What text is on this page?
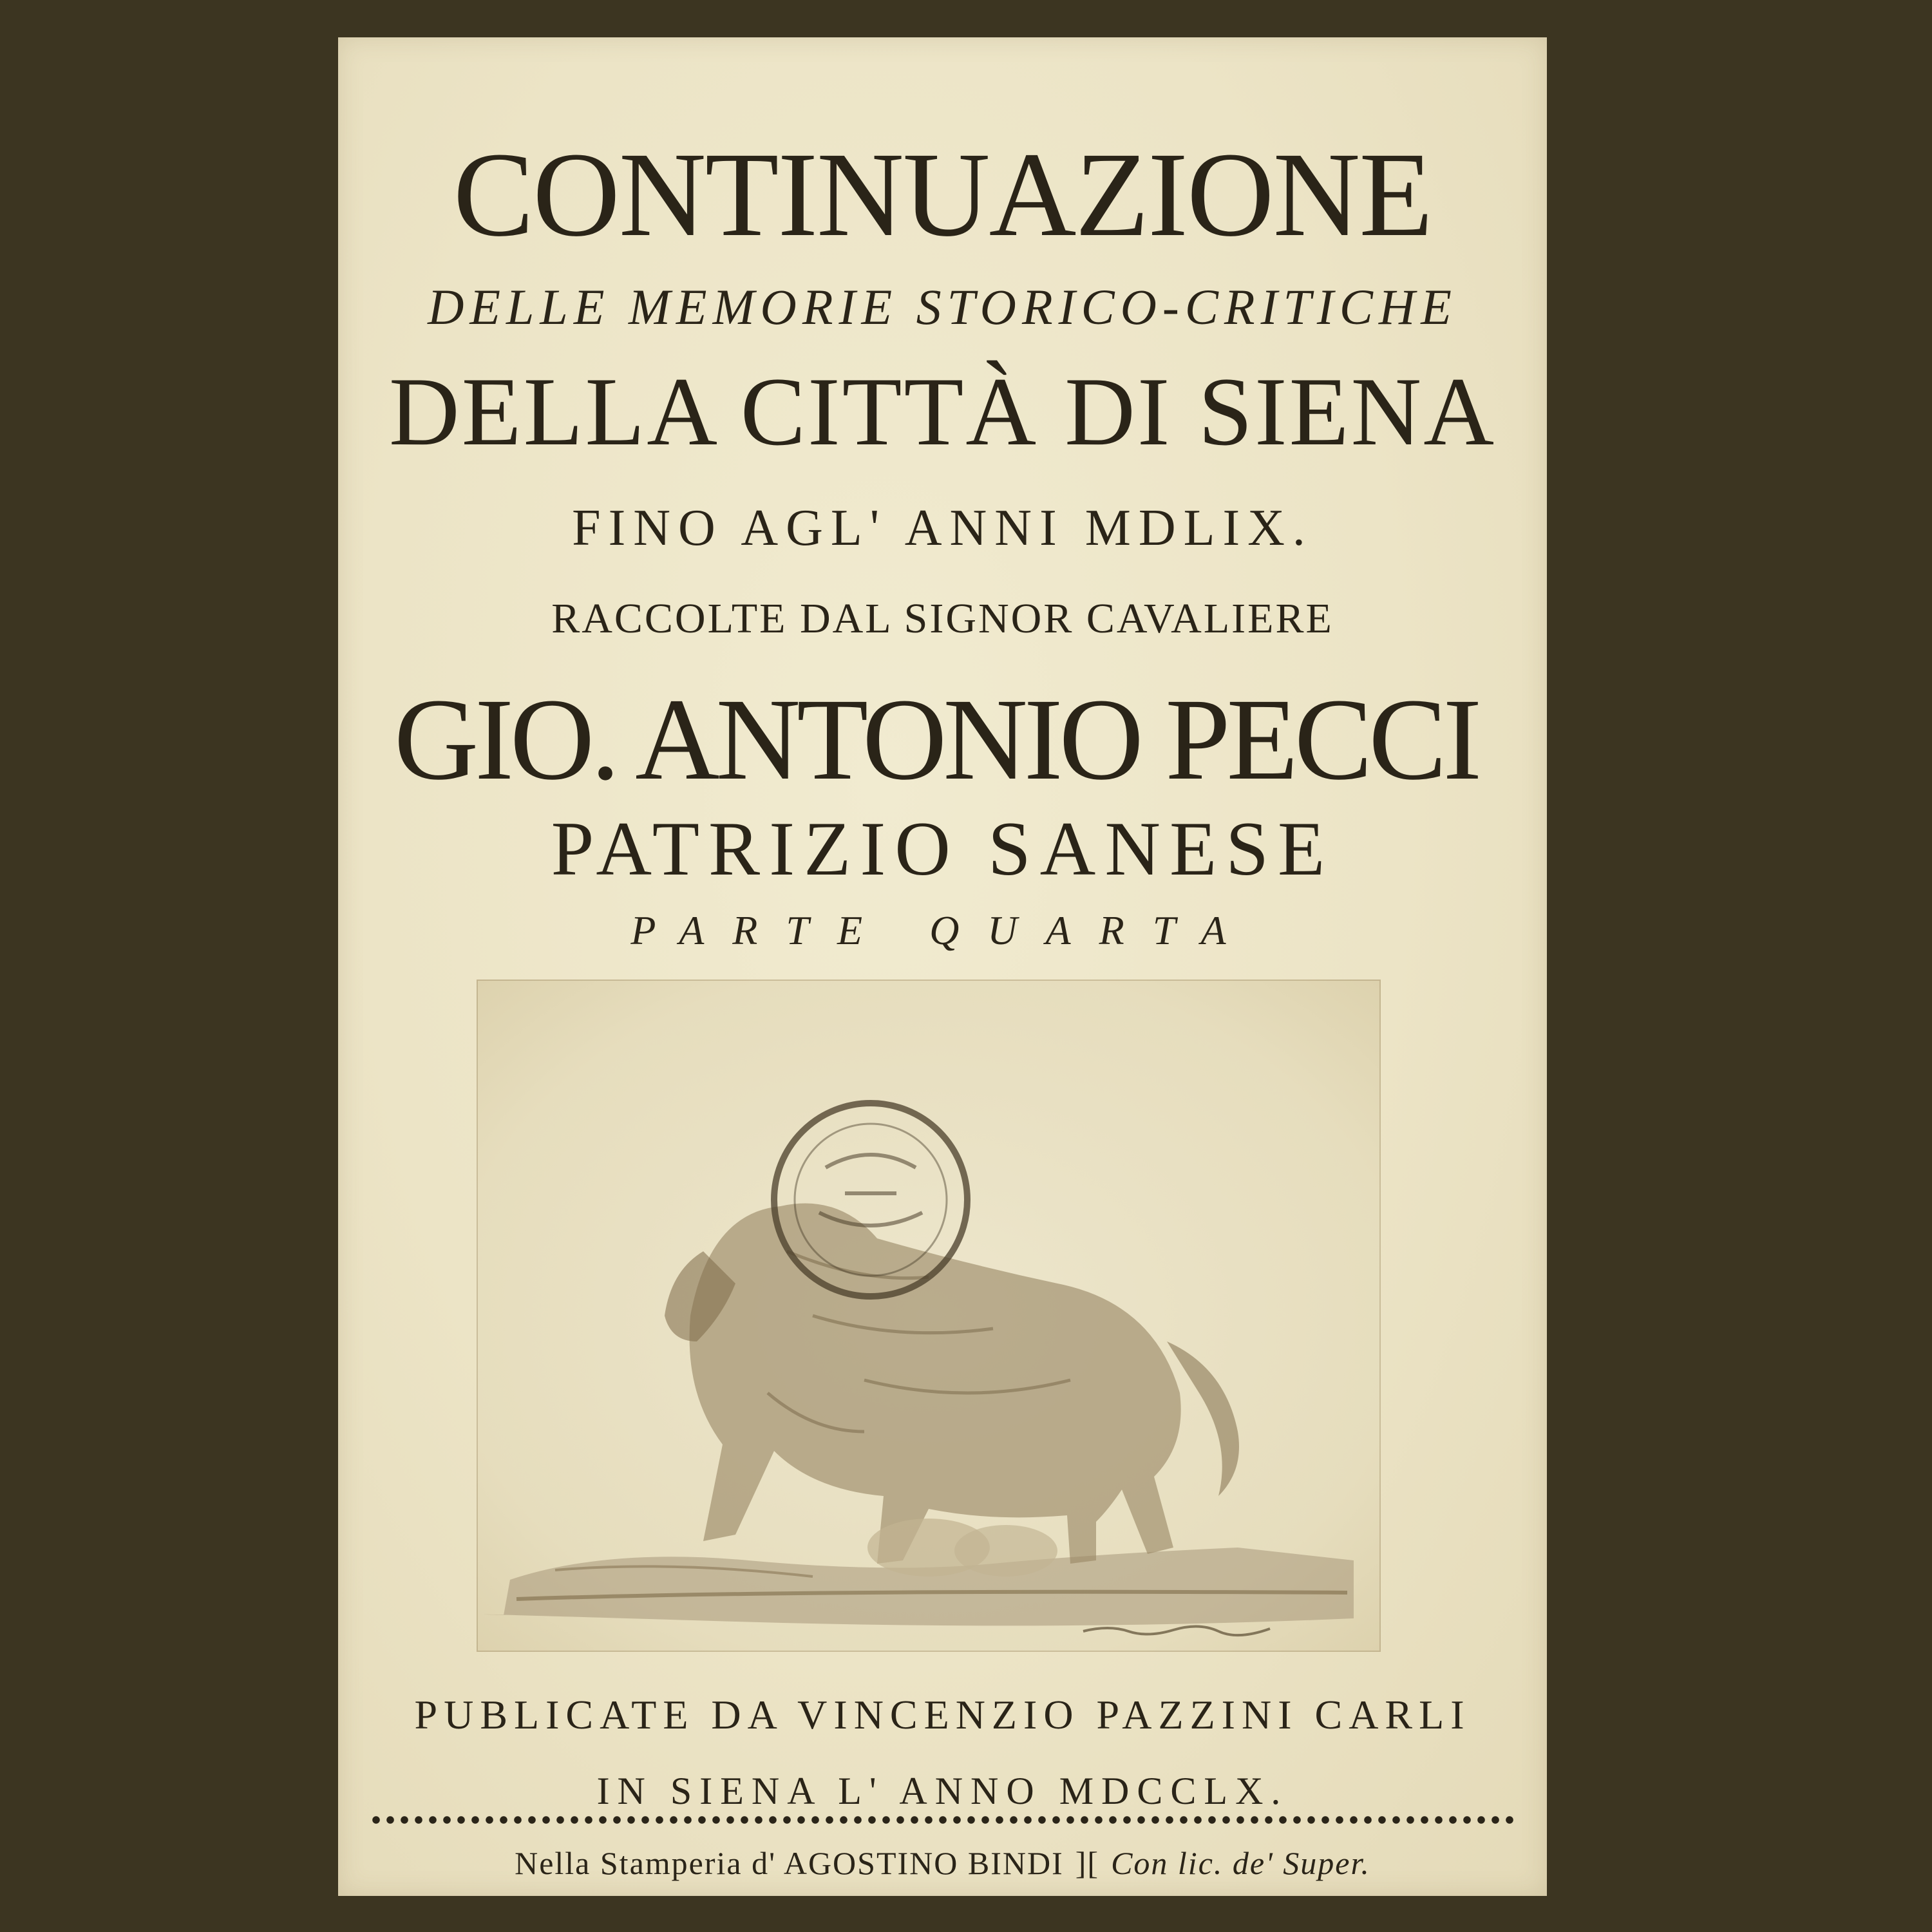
CONTINUAZIONE
DELLE MEMORIE STORICO-CRITICHE
DELLA CITTÀ DI SIENA
FINO AGL' ANNI MDLIX.
RACCOLTE DAL SIGNOR CAVALIERE
GIO. ANTONIO PECCI
PATRIZIO SANESE
PARTE QUARTA
PUBLICATE DA VINCENZIO PAZZINI CARLI
IN SIENA L' ANNO MDCCLX.
Nella Stamperia d' AGOSTINO BINDI ][ Con lic. de' Super.
